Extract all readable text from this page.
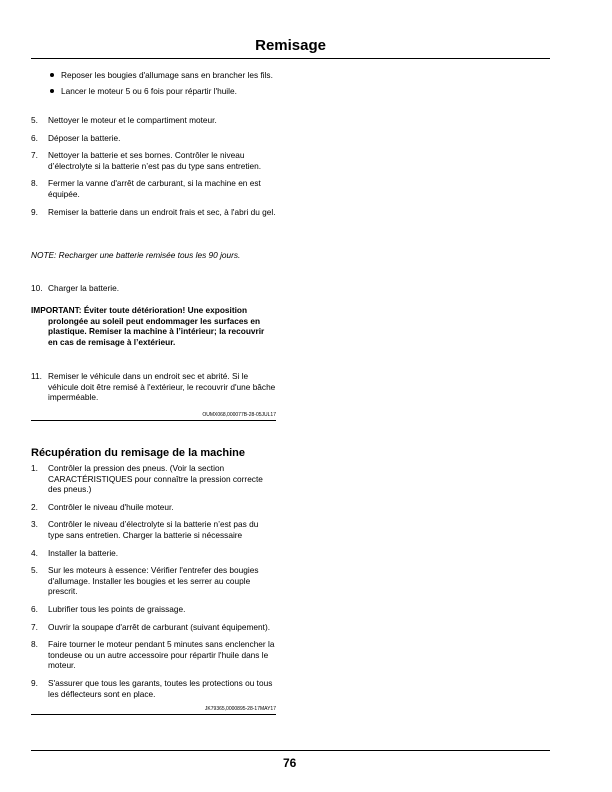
Remisage
Reposer les bougies d'allumage sans en brancher les fils.
Lancer le moteur 5 ou 6 fois pour répartir l'huile.
5. Nettoyer le moteur et le compartiment moteur.
6. Déposer la batterie.
7. Nettoyer la batterie et ses bornes. Contrôler le niveau d’électrolyte si la batterie n’est pas du type sans entretien.
8. Fermer la vanne d'arrêt de carburant, si la machine en est équipée.
9. Remiser la batterie dans un endroit frais et sec, à l'abri du gel.

NOTE: Recharger une batterie remisée tous les 90 jours.

10. Charger la batterie.

IMPORTANT: Éviter toute détérioration! Une exposition prolongée au soleil peut endommager les surfaces en plastique. Remiser la machine à l’intérieur; la recouvrir en cas de remisage à l’extérieur.

11. Remiser le véhicule dans un endroit sec et abrité. Si le véhicule doit être remisé à l'extérieur, le recouvrir d'une bâche imperméable.
OUMX068,000077B-28-05JUL17

Récupération du remisage de la machine

1. Contrôler la pression des pneus. (Voir la section CARACTÉRISTIQUES pour connaître la pression correcte des pneus.)
2. Contrôler le niveau d'huile moteur.
3. Contrôler le niveau d’électrolyte si la batterie n’est pas du type sans entretien. Charger la batterie si nécessaire
4. Installer la batterie.
5. Sur les moteurs à essence: Vérifier l'entrefer des bougies d'allumage. Installer les bougies et les serrer au couple prescrit.
6. Lubrifier tous les points de graissage.
7. Ouvrir la soupape d'arrêt de carburant (suivant équipement).
8. Faire tourner le moteur pendant 5 minutes sans enclencher la tondeuse ou un autre accessoire pour répartir l'huile dans le moteur.
9. S'assurer que tous les garants, toutes les protections ou tous les déflecteurs sont en place.
JK79365,0000895-28-17MAY17
76
